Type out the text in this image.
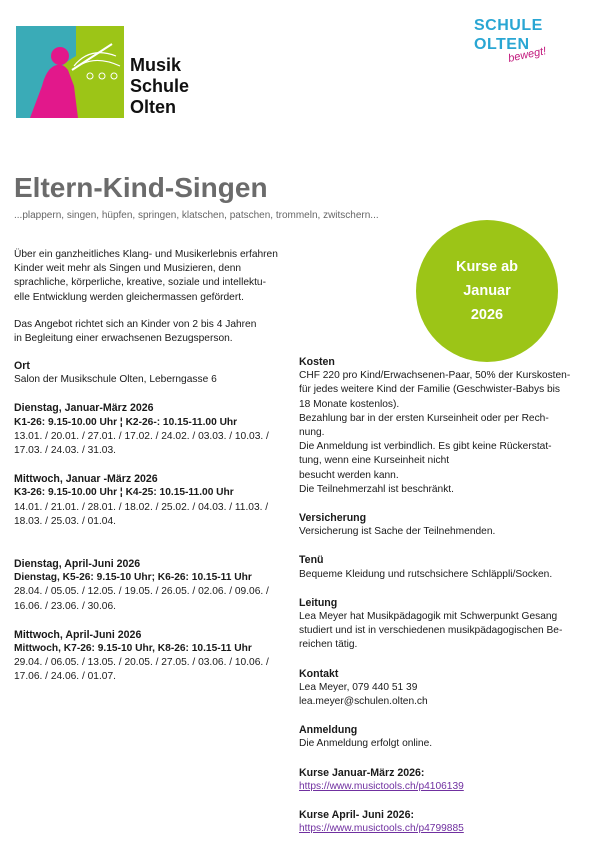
Musik
Schule
Olten
SCHULE
OLTEN
bewegt!
Eltern-Kind-Singen
...plappern, singen, hüpfen, springen, klatschen, patschen, trommeln, zwitschern...
Kurse ab
Januar
2026
Über ein ganzheitliches Klang- und Musikerlebnis erfahren
Kinder weit mehr als Singen und Musizieren, denn
sprachliche, körperliche, kreative, soziale und intellektu-
elle Entwicklung werden gleichermassen gefördert.
Das Angebot richtet sich an Kinder von 2 bis 4 Jahren
in Begleitung einer erwachsenen Bezugsperson.
Ort
Salon der Musikschule Olten, Leberngasse 6
Dienstag, Januar-März 2026
K1-26: 9.15-10.00 Uhr ¦ K2-26-: 10.15-11.00 Uhr
13.01. / 20.01. / 27.01. / 17.02. / 24.02. / 03.03. / 10.03. /
17.03. / 24.03. / 31.03.
Mittwoch, Januar -März 2026
K3-26: 9.15-10.00 Uhr ¦ K4-25: 10.15-11.00 Uhr
14.01. / 21.01. / 28.01. / 18.02. / 25.02. / 04.03. / 11.03. /
18.03. / 25.03. / 01.04.
Dienstag, April-Juni 2026
Dienstag, K5-26: 9.15-10 Uhr; K6-26: 10.15-11 Uhr
28.04. / 05.05. / 12.05. / 19.05. / 26.05. / 02.06. / 09.06. /
16.06. / 23.06. / 30.06.
Mittwoch, April-Juni 2026
Mittwoch, K7-26: 9.15-10 Uhr, K8-26: 10.15-11 Uhr
29.04. / 06.05. / 13.05. / 20.05. / 27.05. / 03.06. / 10.06. /
17.06. / 24.06. / 01.07.
Kosten
CHF 220 pro Kind/Erwachsenen-Paar, 50% der Kurskosten-
für jedes weitere Kind der Familie (Geschwister-Babys bis
18 Monate kostenlos).
Bezahlung bar in der ersten Kurseinheit oder per Rech-
nung.
Die Anmeldung ist verbindlich. Es gibt keine Rückerstat-
tung, wenn eine Kurseinheit nicht
besucht werden kann.
Die Teilnehmerzahl ist beschränkt.
Versicherung
Versicherung ist Sache der Teilnehmenden.
Tenü
Bequeme Kleidung und rutschsichere Schläppli/Socken.
Leitung
Lea Meyer hat Musikpädagogik mit Schwerpunkt Gesang
studiert und ist in verschiedenen musikpädagogischen Be-
reichen tätig.
Kontakt
Lea Meyer, 079 440 51 39
lea.meyer@schulen.olten.ch
Anmeldung
Die Anmeldung erfolgt online.
Kurse Januar-März 2026:
https://www.musictools.ch/p4106139
Kurse April- Juni 2026:
https://www.musictools.ch/p4799885
